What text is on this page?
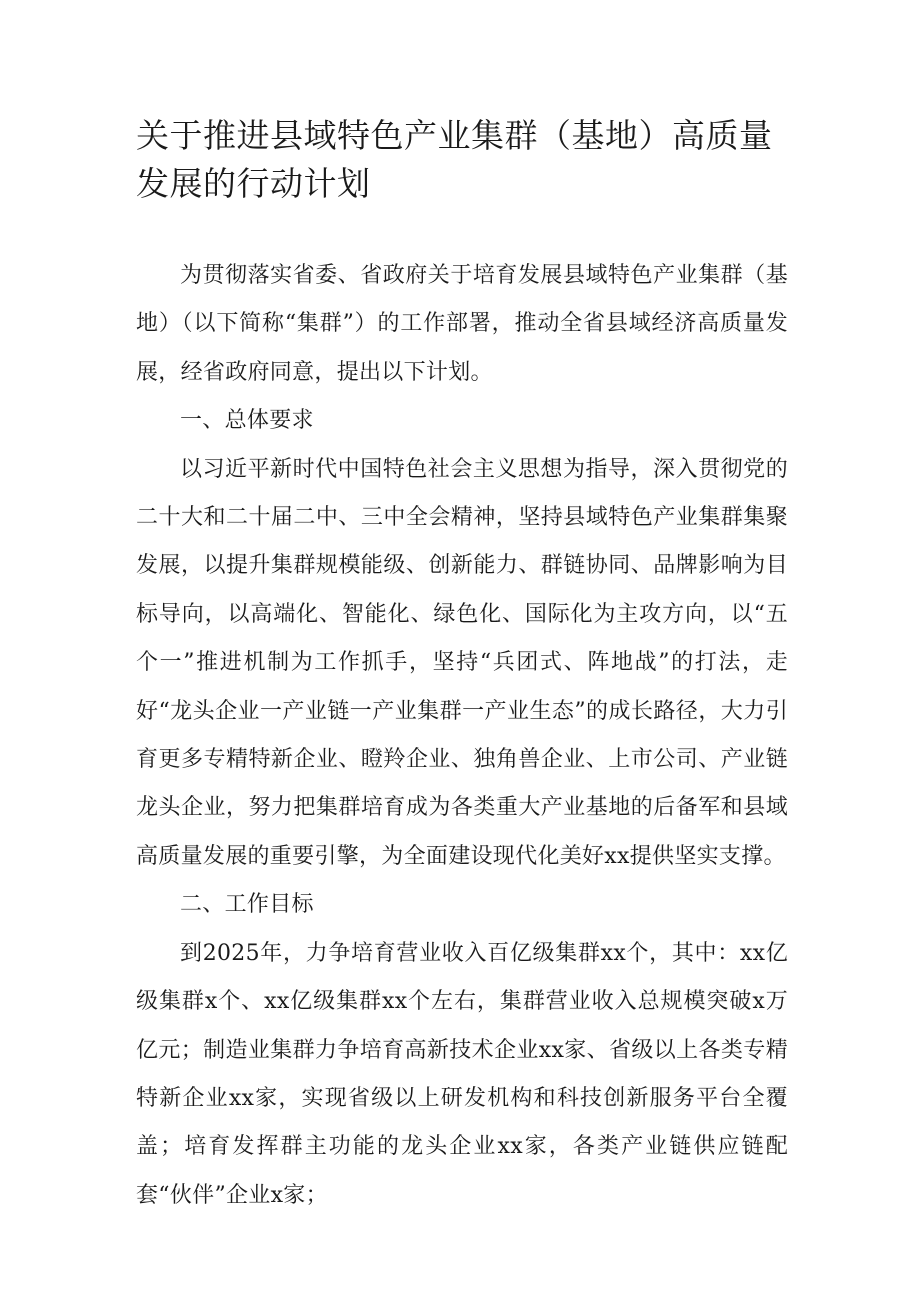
关于推进县域特色产业集群（基地）高质量发展的行动计划

为贯彻落实省委、省政府关于培育发展县域特色产业集群（基地）（以下简称“集群”）的工作部署，推动全省县域经济高质量发展，经省政府同意，提出以下计划。

一、总体要求

以习近平新时代中国特色社会主义思想为指导，深入贯彻党的二十大和二十届二中、三中全会精神，坚持县域特色产业集群集聚发展，以提升集群规模能级、创新能力、群链协同、品牌影响为目标导向，以高端化、智能化、绿色化、国际化为主攻方向，以“五个一”推进机制为工作抓手，坚持“兵团式、阵地战”的打法，走好“龙头企业一产业链一产业集群一产业生态”的成长路径，大力引育更多专精特新企业、瞪羚企业、独角兽企业、上市公司、产业链龙头企业，努力把集群培育成为各类重大产业基地的后备军和县域高质量发展的重要引擎，为全面建设现代化美好xx提供坚实支撑。

二、工作目标

到2025年，力争培育营业收入百亿级集群xx个，其中：xx亿级集群x个、xx亿级集群xx个左右，集群营业收入总规模突破x万亿元；制造业集群力争培育高新技术企业xx家、省级以上各类专精特新企业xx家，实现省级以上研发机构和科技创新服务平台全覆盖；培育发挥群主功能的龙头企业xx家，各类产业链供应链配套“伙伴”企业x家；
